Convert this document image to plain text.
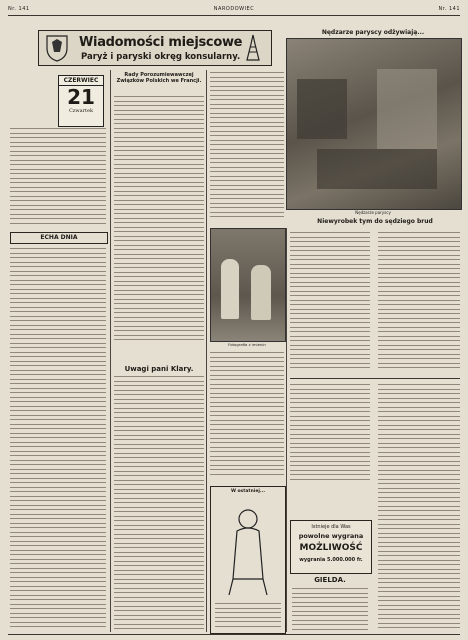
Nr. 141	NARODOWIEC	Nr. 141
Wiadomości miejscowe
Paryż i paryski okręg konsularny.
Nędzarze paryscy odżywiają...
Nędzarze paryscy
CZERWIEC
21
Czwartek
ECHA DNIA
Rady Porozumiewawczej Związków Polskich we Francji.
Uwagi pani Klary.
Fotografia z imienin
W ostatniej...
Niewyrobek tym do sędziego brud
Istnieje dla Was
powolne wygrana
MOŻLIWOŚĆ
wygrania 5.000.000 fr.
GIELDA.
